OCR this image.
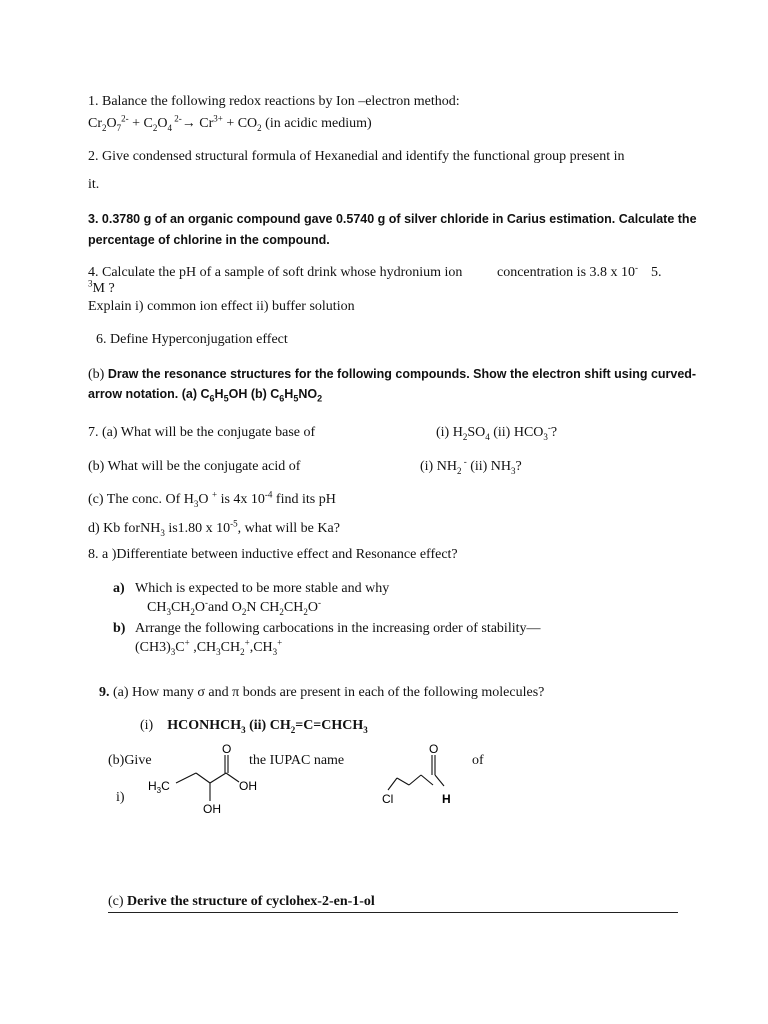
1. Balance the following redox reactions by Ion –electron method:
$Cr_2O_7^{2-} + C_2O_4$ $^{2-}\to Cr^{3+} + CO_2$ (in acidic medium)
2. Give condensed structural formula of Hexanedial and identify the functional group present in
it.
3. 0.3780 g of an organic compound gave 0.5740 g of silver chloride in Carius estimation. Calculate the
percentage of chlorine in the compound.
4. Calculate the pH of a sample of soft drink whose hydronium ion concentration is 3.8 x 10- 5.
$^3$M ?
Explain i) common ion effect ii) buffer solution
6. Define Hyperconjugation effect
(b) Draw the resonance structures for the following compounds. Show the electron shift using curved-
arrow notation. (a) $C_6H_5OH$ (b) $C_6H_5NO_2$
7. (a) What will be the conjugate base of	(i) $H_2SO_4$ (ii) $HCO_3^-$?
(b) What will be the conjugate acid of	(i) $NH_2$ - (ii) $NH_3$?
(c) The conc. Of $H_3O$ + is 4x $10^{-4}$ find its pH
d) Kb forNH$_3$ is1.80 x $10^{-5}$, what will be Ka?
8. a )Differentiate between inductive effect and Resonance effect?
a) Which is expected to be more stable and why
$CH_3CH_2O^-and$ $O_2N$ $CH_2CH_2O^-$
b) Arrange the following carbocations in the increasing order of stability—
$(CH3)_3C^+$ $,CH_3CH_2^+,CH_3^+$
9. (a) How many σ and π bonds are present in each of the following molecules?
(i) $HCONHCH_3$ (ii) $CH_2=C=CHCH_3$
(b)Give	the IUPAC name	of
i)
O
$H_3C$	OH
OH
O
Cl	H
(c) Derive the structure of cyclohex-2-en-1-ol
